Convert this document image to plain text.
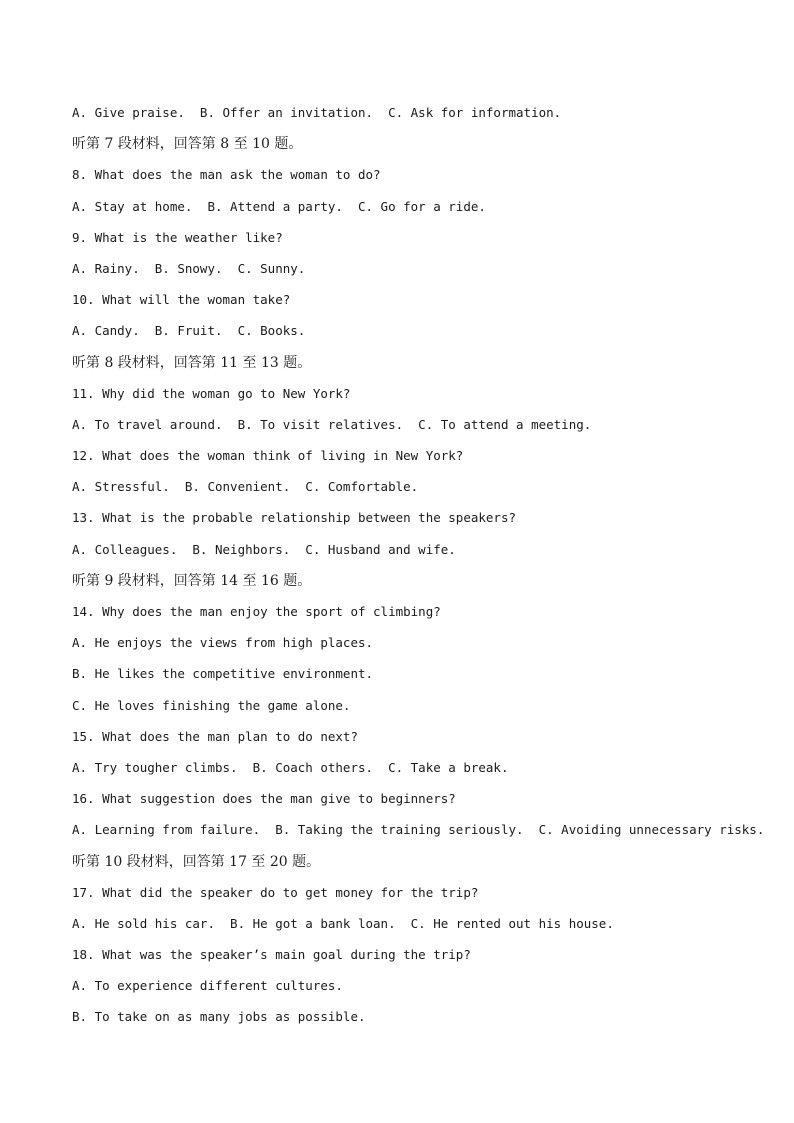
A. Give praise.  B. Offer an invitation.  C. Ask for information.
听第 7 段材料，回答第 8 至 10 题。
8. What does the man ask the woman to do?
A. Stay at home.  B. Attend a party.  C. Go for a ride.
9. What is the weather like?
A. Rainy.  B. Snowy.  C. Sunny.
10. What will the woman take?
A. Candy.  B. Fruit.  C. Books.
听第 8 段材料，回答第 11 至 13 题。
11. Why did the woman go to New York?
A. To travel around.  B. To visit relatives.  C. To attend a meeting.
12. What does the woman think of living in New York?
A. Stressful.  B. Convenient.  C. Comfortable.
13. What is the probable relationship between the speakers?
A. Colleagues.  B. Neighbors.  C. Husband and wife.
听第 9 段材料，回答第 14 至 16 题。
14. Why does the man enjoy the sport of climbing?
A. He enjoys the views from high places.
B. He likes the competitive environment.
C. He loves finishing the game alone.
15. What does the man plan to do next?
A. Try tougher climbs.  B. Coach others.  C. Take a break.
16. What suggestion does the man give to beginners?
A. Learning from failure.  B. Taking the training seriously.  C. Avoiding unnecessary risks.
听第 10 段材料，回答第 17 至 20 题。
17. What did the speaker do to get money for the trip?
A. He sold his car.  B. He got a bank loan.  C. He rented out his house.
18. What was the speaker’s main goal during the trip?
A. To experience different cultures.
B. To take on as many jobs as possible.
